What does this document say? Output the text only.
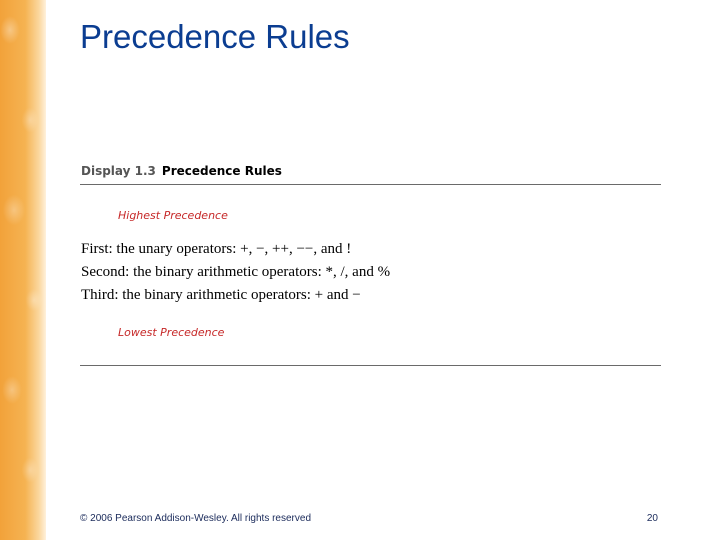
Precedence Rules
Display 1.3 Precedence Rules
Highest Precedence
First: the unary operators: +, −, ++, −−, and !
Second: the binary arithmetic operators: *, /, and %
Third: the binary arithmetic operators: + and −
Lowest Precedence
© 2006 Pearson Addison-Wesley. All rights reserved	20
